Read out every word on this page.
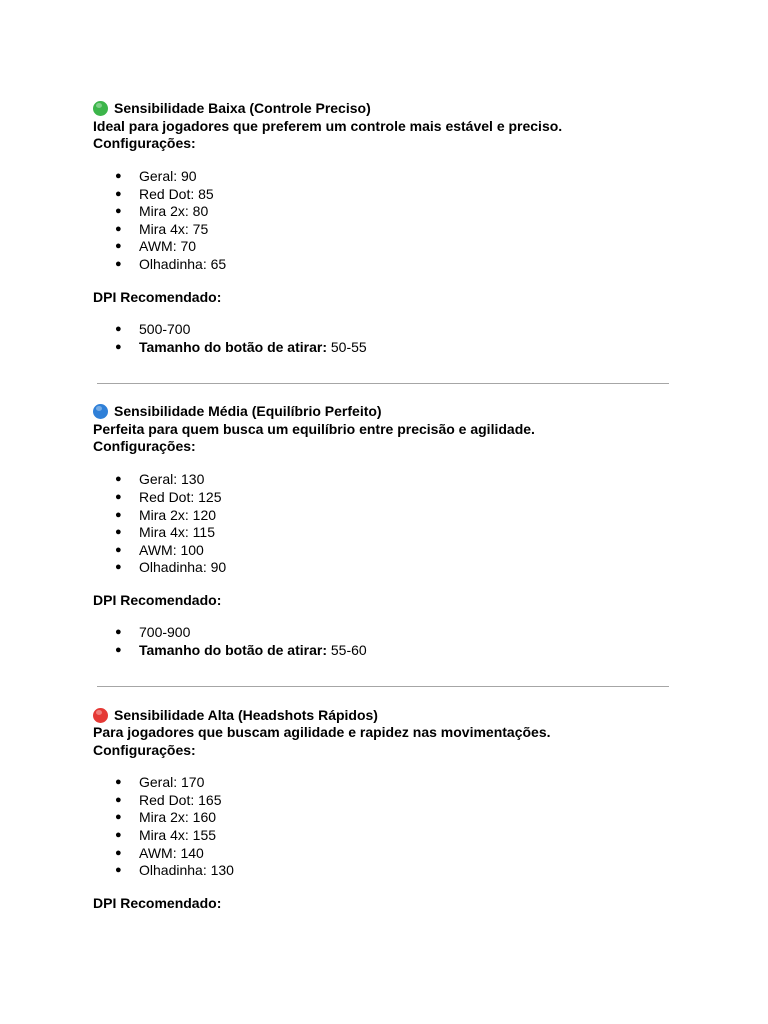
Sensibilidade Baixa (Controle Preciso)
Ideal para jogadores que preferem um controle mais estável e preciso.
Configurações:
● Geral: 90
● Red Dot: 85
● Mira 2x: 80
● Mira 4x: 75
● AWM: 70
● Olhadinha: 65
DPI Recomendado:
● 500-700
● Tamanho do botão de atirar: 50-55
Sensibilidade Média (Equilíbrio Perfeito)
Perfeita para quem busca um equilíbrio entre precisão e agilidade.
Configurações:
● Geral: 130
● Red Dot: 125
● Mira 2x: 120
● Mira 4x: 115
● AWM: 100
● Olhadinha: 90
DPI Recomendado:
● 700-900
● Tamanho do botão de atirar: 55-60
Sensibilidade Alta (Headshots Rápidos)
Para jogadores que buscam agilidade e rapidez nas movimentações.
Configurações:
● Geral: 170
● Red Dot: 165
● Mira 2x: 160
● Mira 4x: 155
● AWM: 140
● Olhadinha: 130
DPI Recomendado:
